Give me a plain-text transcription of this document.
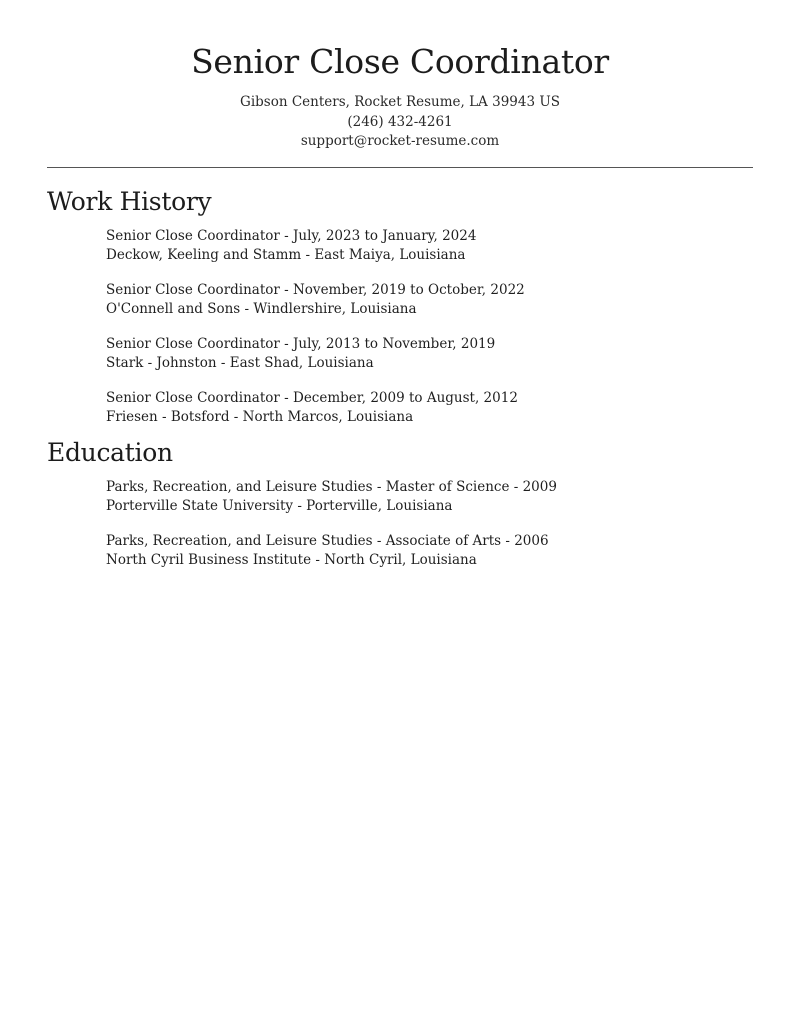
Senior Close Coordinator
Gibson Centers, Rocket Resume, LA 39943 US
(246) 432-4261
support@rocket-resume.com
Work History
Senior Close Coordinator - July, 2023 to January, 2024
Deckow, Keeling and Stamm - East Maiya, Louisiana
Senior Close Coordinator - November, 2019 to October, 2022
O'Connell and Sons - Windlershire, Louisiana
Senior Close Coordinator - July, 2013 to November, 2019
Stark - Johnston - East Shad, Louisiana
Senior Close Coordinator - December, 2009 to August, 2012
Friesen - Botsford - North Marcos, Louisiana
Education
Parks, Recreation, and Leisure Studies - Master of Science - 2009
Porterville State University - Porterville, Louisiana
Parks, Recreation, and Leisure Studies - Associate of Arts - 2006
North Cyril Business Institute - North Cyril, Louisiana
